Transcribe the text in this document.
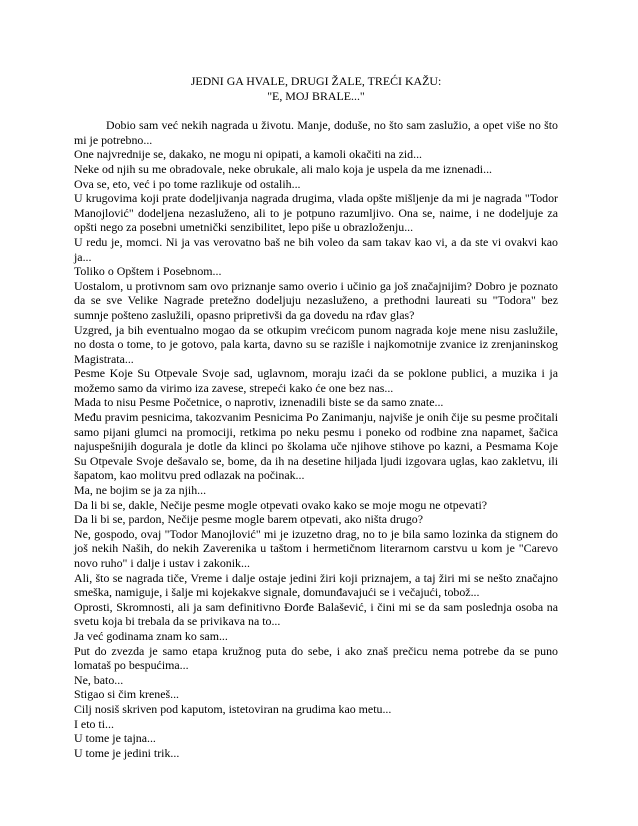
JEDNI GA HVALE, DRUGI ŽALE, TREĆI KAŽU:

"E, MOJ BRALE..."

Dobio sam već nekih nagrada u životu. Manje, doduše, no što sam zaslužio, a opet više no što mi je potrebno...

One najvrednije se, dakako, ne mogu ni opipati, a kamoli okačiti na zid...

Neke od njih su me obradovale, neke obrukale, ali malo koja je uspela da me iznenadi...

Ova se, eto, već i po tome razlikuje od ostalih...

U krugovima koji prate dodeljivanja nagrada drugima, vlada opšte mišljenje da mi je nagrada "Todor Manojlović" dodeljena nezasluženo, ali to je potpuno razumljivo. Ona se, naime, i ne dodeljuje za opšti nego za posebni umetnički senzibilitet, lepo piše u obrazloženju...

U redu je, momci. Ni ja vas verovatno baš ne bih voleo da sam takav kao vi, a da ste vi ovakvi kao ja...

Toliko o Opštem i Posebnom...

Uostalom, u protivnom sam ovo priznanje samo overio i učinio ga još značajnijim? Dobro je poznato da se sve Velike Nagrade pretežno dodeljuju nezasluženo, a prethodni laureati su "Todora" bez sumnje pošteno zaslužili, opasno pripretivši da ga dovedu na rđav glas?

Uzgred, ja bih eventualno mogao da se otkupim vrećicom punom nagrada koje mene nisu zaslužile, no dosta o tome, to je gotovo, pala karta, davno su se razišle i najkomotnije zvanice iz zrenjaninskog Magistrata...

Pesme Koje Su Otpevale Svoje sad, uglavnom, moraju izaći da se poklone publici, a muzika i ja možemo samo da virimo iza zavese, strepeći kako će one bez nas...

Mada to nisu Pesme Početnice, o naprotiv, iznenadili biste se da samo znate...

Među pravim pesnicima, takozvanim Pesnicima Po Zanimanju, najviše je onih čije su pesme pročitali samo pijani glumci na promociji, retkima po neku pesmu i poneko od rodbine zna napamet, šačica najuspešnijih dogurala je dotle da klinci po školama uče njihove stihove po kazni, a Pesmama Koje Su Otpevale Svoje dešavalo se, bome, da ih na desetine hiljada ljudi izgovara uglas, kao zakletvu, ili šapatom, kao molitvu pred odlazak na počinak...

Ma, ne bojim se ja za njih...

Da li bi se, dakle, Nečije pesme mogle otpevati ovako kako se moje mogu ne otpevati?

Da li bi se, pardon, Nečije pesme mogle barem otpevati, ako ništa drugo?

Ne, gospodo, ovaj "Todor Manojlović" mi je izuzetno drag, no to je bila samo lozinka da stignem do još nekih Naših, do nekih Zaverenika u taštom i hermetičnom literarnom carstvu u kom je "Carevo novo ruho" i dalje i ustav i zakonik...

Ali, što se nagrada tiče, Vreme i dalje ostaje jedini žiri koji priznajem, a taj žiri mi se nešto značajno smeška, namiguje, i šalje mi kojekakve signale, domunđavajući se i večajući, tobož...

Oprosti, Skromnosti, ali ja sam definitivno Đorđe Balašević, i čini mi se da sam poslednja osoba na svetu koja bi trebala da se privikava na to...

Ja već godinama znam ko sam...

Put do zvezda je samo etapa kružnog puta do sebe, i ako znaš prečicu nema potrebe da se puno lomataš po bespućima...

Ne, bato...

Stigao si čim kreneš...

Cilj nosiš skriven pod kaputom, istetoviran na grudima kao metu...

I eto ti...

U tome je tajna...

U tome je jedini trik...
